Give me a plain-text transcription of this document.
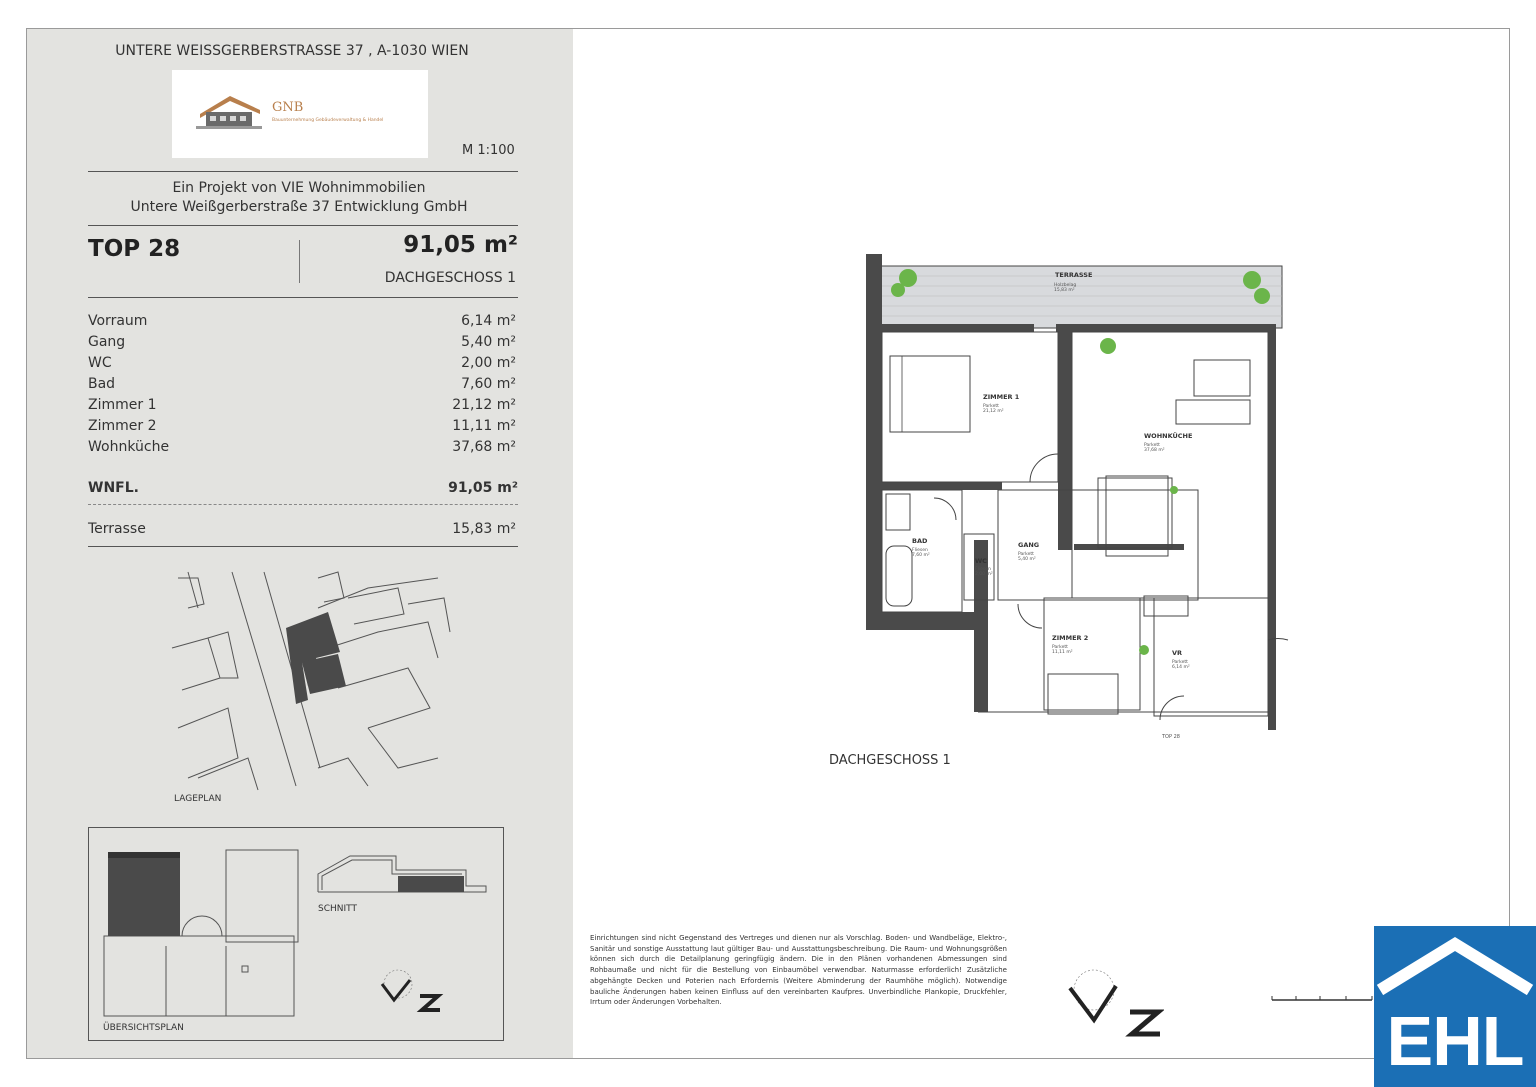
UNTERE WEISSGERBERSTRASSE 37 , A-1030 WIEN
GNB
Bauunternehmung Gebäudeverwaltung & Handel
M 1:100
Ein Projekt von VIE Wohnimmobilien
Untere Weißgerberstraße 37 Entwicklung GmbH
TOP 28	91,05 m²
DACHGESCHOSS 1
Vorraum	6,14 m²
Gang	5,40 m²
WC	2,00 m²
Bad	7,60 m²
Zimmer 1	21,12 m²
Zimmer 2	11,11 m²
Wohnküche	37,68 m²
WNFL.	91,05 m²
Terrasse	15,83 m²
LAGEPLAN
SCHNITT
ÜBERSICHTSPLAN
TERRASSE
Holzbelag 15,83 m²
ZIMMER 1
Parkett 21,12 m²
WOHNKÜCHE
Parkett 37,68 m²
BAD
Fliesen 7,60 m²
WC
Fliesen 2,00 m²
GANG
Parkett 5,40 m²
ZIMMER 2
Parkett 11,11 m²	VR
Parkett 6,14 m²
TOP 28
DACHGESCHOSS 1
Einrichtungen sind nicht Gegenstand des Vertreges und dienen nur als Vorschlag. Boden- und Wandbeläge, Elektro-, Sanitär und sonstige Ausstattung laut gültiger Bau- und Ausstattungsbeschreibung. Die Raum- und Wohnungsgrößen können sich durch die Detailplanung geringfügig ändern. Die in den Plänen vorhandenen Abmessungen sind Rohbaumaße und nicht für die Bestellung von Einbaumöbel verwendbar. Naturmasse erforderlich! Zusätzliche abgehängte Decken und Poterien nach Erfordernis (Weitere Abminderung der Raumhöhe möglich). Notwendige bauliche Änderungen haben keinen Einfluss auf den vereinbarten Kaufpres. Unverbindliche Plankopie, Druckfehler, Irrtum oder Änderungen Vorbehalten.	EHL
